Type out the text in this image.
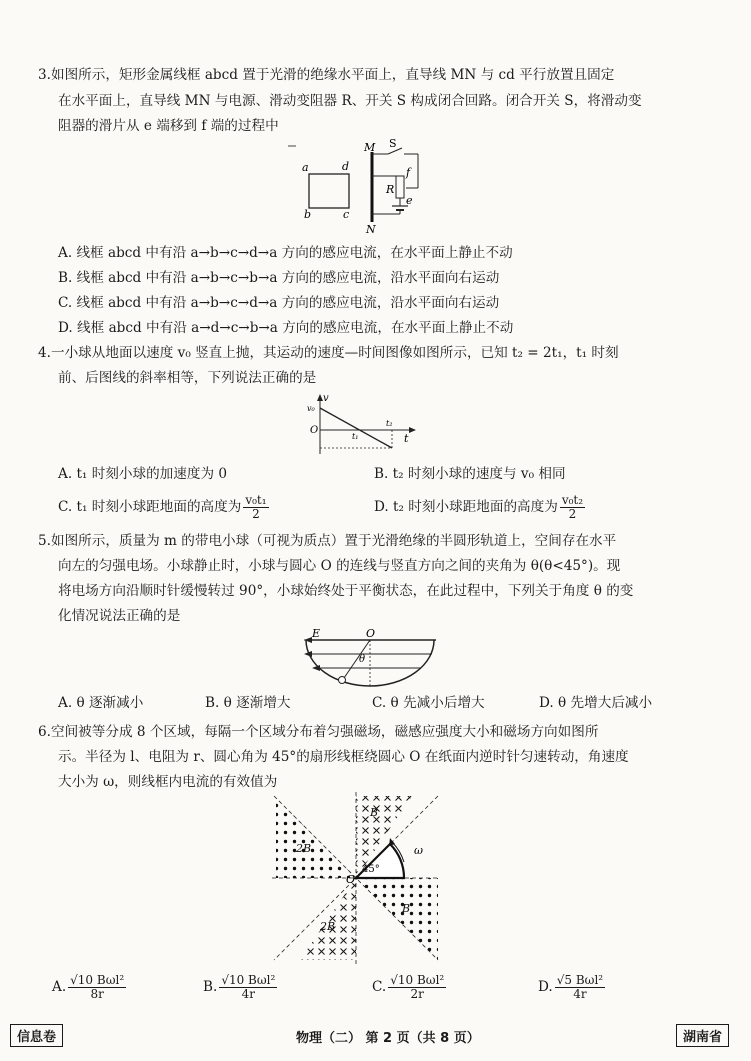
3.如图所示，矩形金属线框 abcd 置于光滑的绝缘水平面上，直导线 MN 与 cd 平行放置且固定
在水平面上，直导线 MN 与电源、滑动变阻器 R、开关 S 构成闭合回路。闭合开关 S，将滑动变
阻器的滑片从 e 端移到 f 端的过程中
a	d
b	c
M
N
S
R
f
e
A. 线框 abcd 中有沿 a→b→c→d→a 方向的感应电流，在水平面上静止不动
B. 线框 abcd 中有沿 a→b→c→b→a 方向的感应电流，沿水平面向右运动
C. 线框 abcd 中有沿 a→b→c→d→a 方向的感应电流，沿水平面向右运动
D. 线框 abcd 中有沿 a→d→c→b→a 方向的感应电流，在水平面上静止不动
4.一小球从地面以速度 v₀ 竖直上抛，其运动的速度—时间图像如图所示，已知 t₂ = 2t₁，t₁ 时刻
前、后图线的斜率相等，下列说法正确的是
v
v₀
O
t₁
t₂
t
A. t₁ 时刻小球的加速度为 0	B. t₂ 时刻小球的速度与 v₀ 相同
C. t₁ 时刻小球距地面的高度为 $\frac{\text{v₀t₁}}{2}$	D. t₂ 时刻小球距地面的高度为 $\frac{\text{v₀t₂}}{2}$
5.如图所示，质量为 m 的带电小球（可视为质点）置于光滑绝缘的半圆形轨道上，空间存在水平
向左的匀强电场。小球静止时，小球与圆心 O 的连线与竖直方向之间的夹角为 θ(θ<45°)。现
将电场方向沿顺时针缓慢转过 90°，小球始终处于平衡状态，在此过程中，下列关于角度 θ 的变
化情况说法正确的是
E	O
θ
A. θ 逐渐减小	B. θ 逐渐增大	C. θ 先减小后增大	D. θ 先增大后减小
6.空间被等分成 8 个区域，每隔一个区域分布着匀强磁场，磁感应强度大小和磁场方向如图所
示。半径为 l、电阻为 r、圆心角为 45°的扇形线框绕圆心 O 在纸面内逆时针匀速转动，角速度
大小为 ω，则线框内电流的有效值为
45°
O
ω
B
2B
B
2B
A. $\frac{\text{√10 Bωl²}}{8r}$	B. $\frac{\text{√10 Bωl²}}{4r}$	C. $\frac{\text{√10 Bωl²}}{2r}$	D. $\frac{\text{√5 Bωl²}}{4r}$
信息卷	物理（二） 第 2 页（共 8 页）	湖南省
